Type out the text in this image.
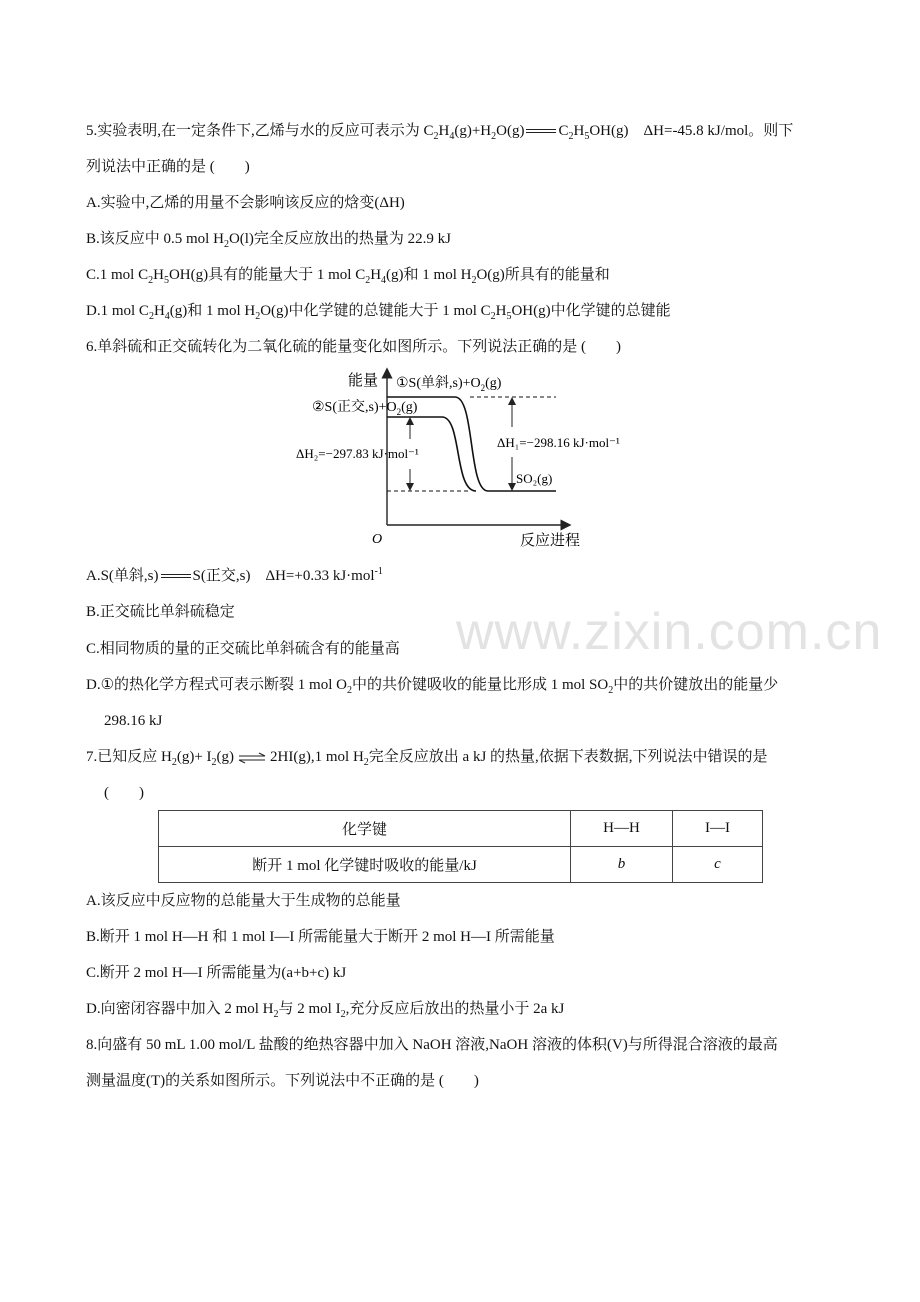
www.zixin.com.cn
5.实验表明,在一定条件下,乙烯与水的反应可表示为 $C_2H_4(g)+H_2O(g)$ $C_2H_5OH(g)$ ΔH=-45.8 kJ/mol。则下
列说法中正确的是 (　　)
A.实验中,乙烯的用量不会影响该反应的焓变(ΔH)
B.该反应中 0.5 mol $H_2O(l)$完全反应放出的热量为 22.9 kJ
C.1 mol $C_2H_5OH(g)$具有的能量大于 1 mol $C_2H_4(g)$和 1 mol $H_2O(g)$所具有的能量和
D.1 mol $C_2H_4(g)$和 1 mol $H_2O(g)$中化学键的总键能大于 1 mol $C_2H_5OH(g)$中化学键的总键能
6.单斜硫和正交硫转化为二氧化硫的能量变化如图所示。下列说法正确的是 (　　)
能量
反应进程
O
①S(单斜$,s)+O_2(g)$
②S(正交$,s)+O_2(g)$
ΔH₂=−297.83 kJ·mol⁻¹
ΔH₁=−298.16 kJ·mol⁻¹
SO₂(g)
A.S(单斜,s) S(正交,s) ΔH=+0.33 kJ·mol$^{-1}$
B.正交硫比单斜硫稳定
C.相同物质的量的正交硫比单斜硫含有的能量高
D.①的热化学方程式可表示断裂 1 mol $O_2$中的共价键吸收的能量比形成 1 mol $SO_2$中的共价键放出的能量少
298.16 kJ
7.已知反应 $H_2(g)+ I_2(g)$ ⇌ 2HI(g),1 mol $H_2$完全反应放出 a kJ 的热量,依据下表数据,下列说法中错误的是
(　　)
化学键	H—H	I—I
断开 1 mol 化学键时吸收的能量/kJ	b	c
A.该反应中反应物的总能量大于生成物的总能量
B.断开 1 mol H—H 和 1 mol I—I 所需能量大于断开 2 mol H—I 所需能量
C.断开 2 mol H—I 所需能量为(a+b+c) kJ
D.向密闭容器中加入 2 mol $H_2$与 2 mol $I_2$,充分反应后放出的热量小于 2a kJ
8.向盛有 50 mL 1.00 mol/L 盐酸的绝热容器中加入 NaOH 溶液,NaOH 溶液的体积(V)与所得混合溶液的最高
测量温度(T)的关系如图所示。下列说法中不正确的是 (　　)
